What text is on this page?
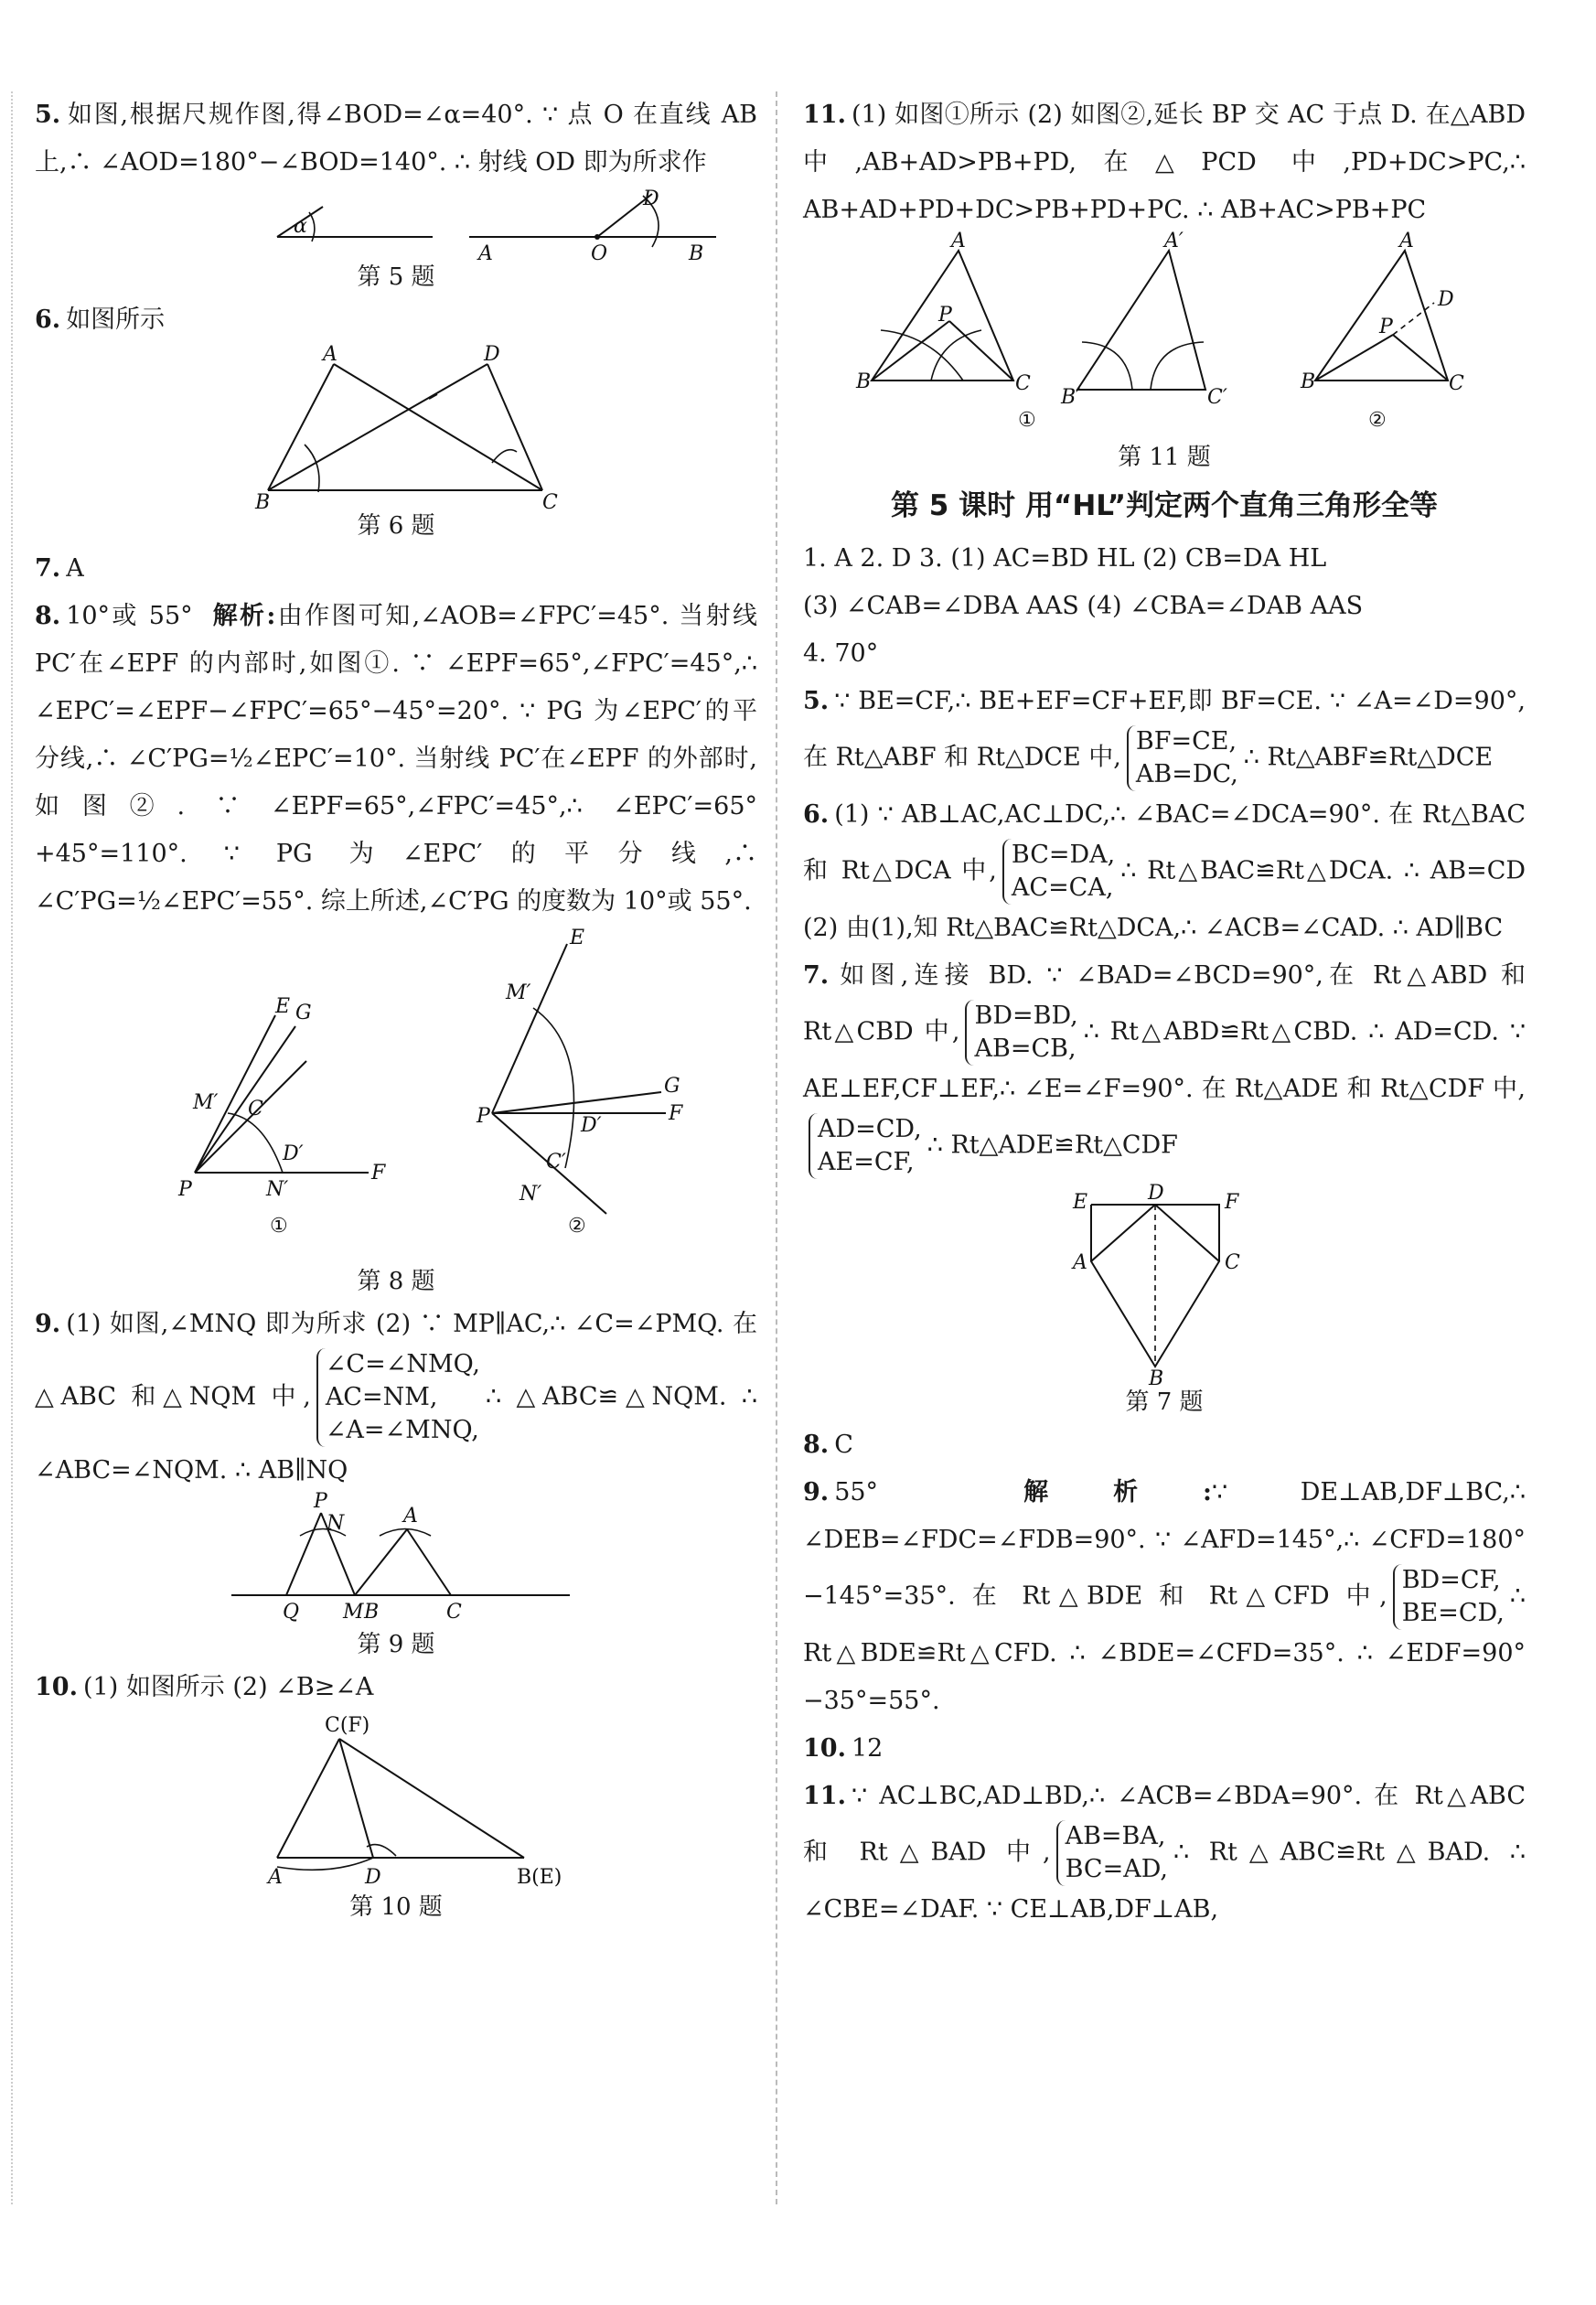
5. 如图,根据尺规作图,得∠BOD=∠α=40°. ∵ 点 O 在直线 AB 上,∴ ∠AOD=180°−∠BOD=140°. ∴ 射线 OD 即为所求作

α
A	O	B
D
第 5 题

6. 如图所示

A	D
B	C
第 6 题

7. A

8. 10°或 55° 解析:由作图可知,∠AOB=∠FPC′=45°. 当射线 PC′在∠EPF 的内部时,如图①. ∵ ∠EPF=65°,∠FPC′=45°,∴ ∠EPC′=∠EPF−∠FPC′=65°−45°=20°. ∵ PG 为∠EPC′的平分线,∴ ∠C′PG=½∠EPC′=10°. 当射线 PC′在∠EPF 的外部时,如图②. ∵ ∠EPF=65°,∠FPC′=45°,∴ ∠EPC′=65°+45°=110°. ∵ PG 为∠EPC′的平分线,∴ ∠C′PG=½∠EPC′=55°. 综上所述,∠C′PG 的度数为 10°或 55°.

E G
M′ C′
D′
P	N′
F
①
E
M′
G
P	D′
F
C′
N′
②
第 8 题

9. (1) 如图,∠MNQ 即为所求 (2) ∵ MP∥AC,∴ ∠C=∠PMQ. 在△ABC 和△NQM 中,
∠C=∠NMQ,
AC=NM,
∠A=∠MNQ,
∴ △ABC≌△NQM. ∴ ∠ABC=∠NQM. ∴ AB∥NQ

P
N	A
Q M B	C
第 9 题

10. (1) 如图所示 (2) ∠B≥∠A

C(F)
A	D	B(E)
第 10 题

11. (1) 如图①所示 (2) 如图②,延长 BP 交 AC 于点 D. 在△ABD 中,AB+AD>PB+PD,在△PCD 中,PD+DC>PC,∴ AB+AD+PD+DC>PB+PD+PC. ∴ AB+AC>PB+PC

A
P
B	C
A′
B′	C′
①
A
D
P
B	C
②
第 11 题
第 5 课时 用“HL”判定两个直角三角形全等

1. A 2. D 3. (1) AC=BD HL (2) CB=DA HL

(3) ∠CAB=∠DBA AAS (4) ∠CBA=∠DAB AAS

4. 70°

5. ∵ BE=CF,∴ BE+EF=CF+EF,即 BF=CE. ∵ ∠A=∠D=90°,在 Rt△ABF 和 Rt△DCE 中,
BF=CE,
AB=DC,
∴ Rt△ABF≌Rt△DCE

6. (1) ∵ AB⊥AC,AC⊥DC,∴ ∠BAC=∠DCA=90°. 在 Rt△BAC 和 Rt△DCA 中,
BC=DA,
AC=CA,
∴ Rt△BAC≌Rt△DCA. ∴ AB=CD (2) 由(1),知 Rt△BAC≌Rt△DCA,∴ ∠ACB=∠CAD. ∴ AD∥BC

7. 如图,连接 BD. ∵ ∠BAD=∠BCD=90°,在 Rt△ABD 和 Rt△CBD 中,
BD=BD,
AB=CB,
∴ Rt△ABD≌Rt△CBD. ∴ AD=CD. ∵ AE⊥EF,CF⊥EF,∴ ∠E=∠F=90°. 在 Rt△ADE 和 Rt△CDF 中,
AD=CD,
AE=CF,
∴ Rt△ADE≌Rt△CDF

E	D	F
A	C
B
第 7 题

8. C

9. 55°	解析:∵ DE⊥AB,DF⊥BC,∴ ∠DEB=∠FDC=∠FDB=90°. ∵ ∠AFD=145°,∴ ∠CFD=180°−145°=35°. 在 Rt△BDE 和 Rt△CFD 中,
BD=CF,
BE=CD,
∴ Rt△BDE≌Rt△CFD. ∴ ∠BDE=∠CFD=35°. ∴ ∠EDF=90°−35°=55°.

10. 12

11. ∵ AC⊥BC,AD⊥BD,∴ ∠ACB=∠BDA=90°. 在 Rt△ABC 和 Rt△BAD 中,
AB=BA,
BC=AD,
∴ Rt△ABC≌Rt△BAD. ∴ ∠CBE=∠DAF. ∵ CE⊥AB,DF⊥AB,
